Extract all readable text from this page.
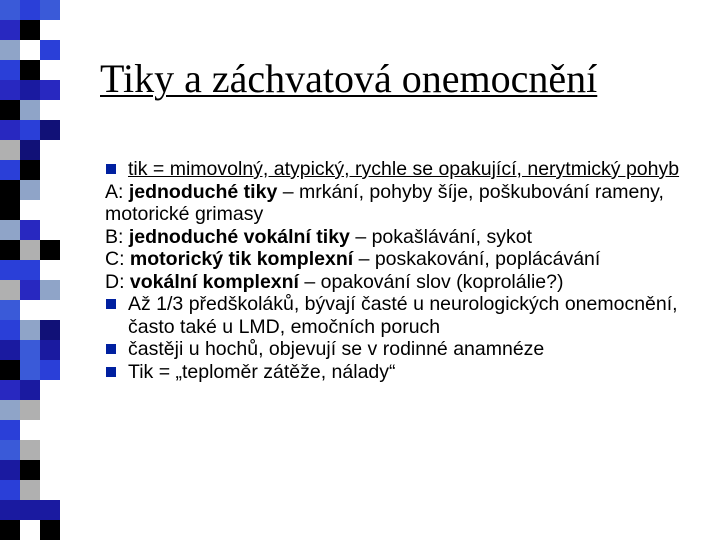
Tiky a záchvatová onemocnění
tik = mimovolný, atypický, rychle se opakující, nerytmický pohyb
A: jednoduché tiky – mrkání, pohyby šíje, poškubování rameny, motorické grimasy
B: jednoduché vokální tiky – pokašlávání, sykot
C: motorický tik komplexní – poskakování, poplácávání
D: vokální komplexní – opakování slov (koprolálie?)
Až 1/3 předškoláků, bývají časté u neurologických onemocnění, často také u LMD, emočních poruch
častěji u hochů, objevují se v rodinné anamnéze
Tik = „teploměr zátěže, nálady“
